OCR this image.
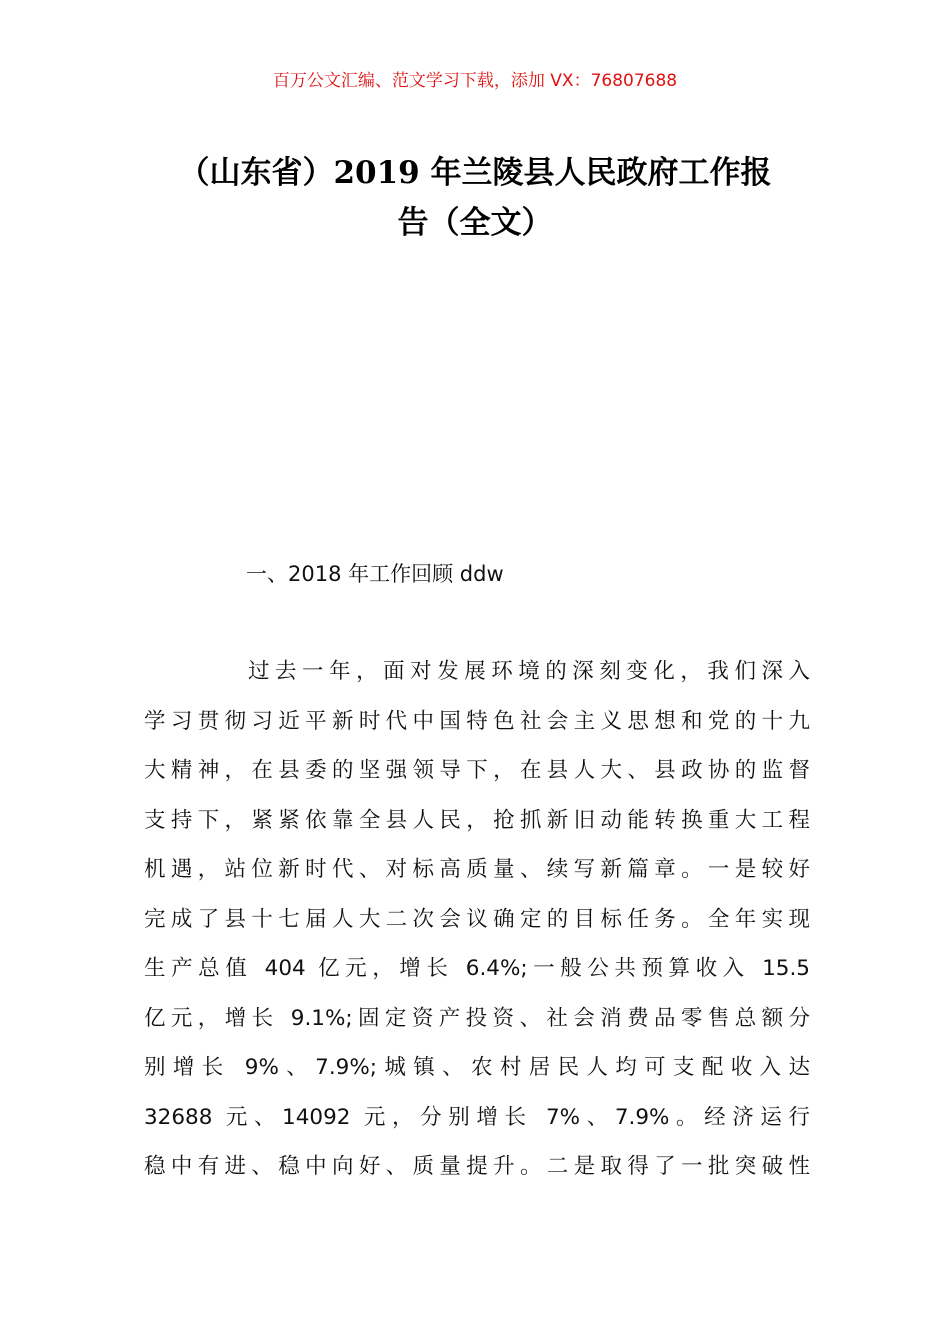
百万公文汇编、范文学习下载，添加 VX：76807688
（山东省）2019 年兰陵县人民政府工作报
告（全文）
一、2018 年工作回顾 ddw
过去一年，面对发展环境的深刻变化，我们深入
学习贯彻习近平新时代中国特色社会主义思想和党的十九
大精神，在县委的坚强领导下，在县人大、县政协的监督
支持下，紧紧依靠全县人民，抢抓新旧动能转换重大工程
机遇，站位新时代、对标高质量、续写新篇章。一是较好
完成了县十七届人大二次会议确定的目标任务。全年实现
生产总值 404 亿元，增长 6.4%;一般公共预算收入 15.5
亿元，增长 9.1%;固定资产投资、社会消费品零售总额分
别增长 9%、7.9%;城镇、农村居民人均可支配收入达
32688 元、14092 元，分别增长 7%、7.9%。经济运行
稳中有进、稳中向好、质量提升。二是取得了一批突破性
